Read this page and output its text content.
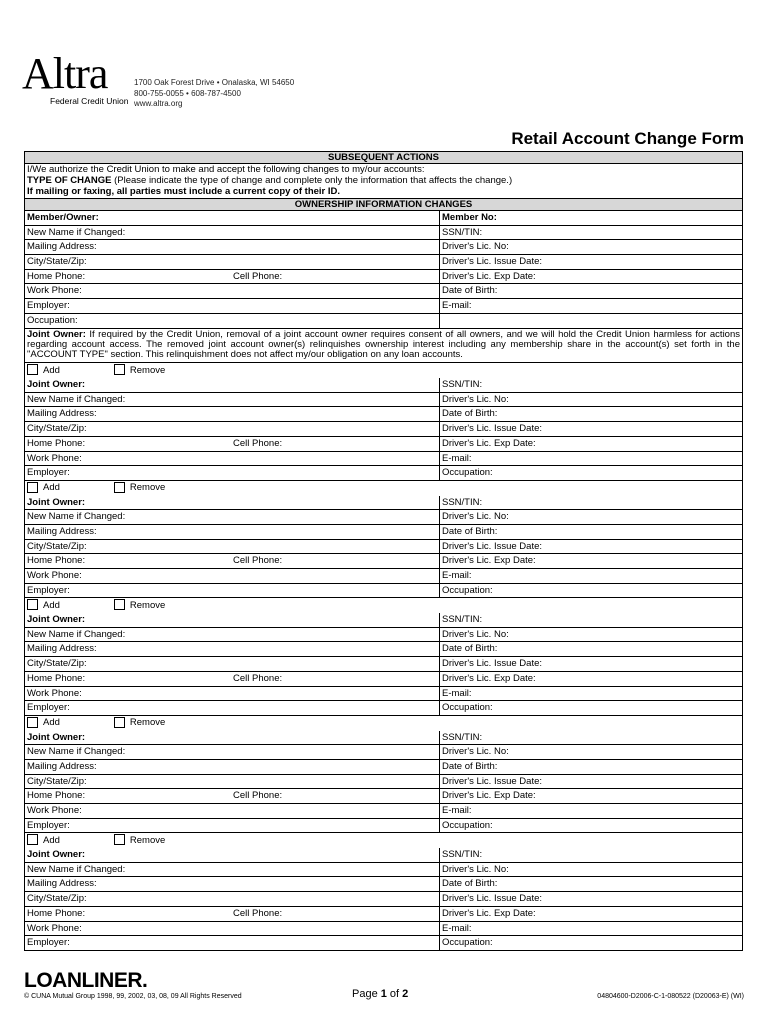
Altra
Federal Credit Union
1700 Oak Forest Drive • Onalaska, WI 54650
800-755-0055 • 608-787-4500
www.altra.org
Retail Account Change Form
SUBSEQUENT ACTIONS
I/We authorize the Credit Union to make and accept the following changes to my/our accounts:
TYPE OF CHANGE (Please indicate the type of change and complete only the information that affects the change.)
If mailing or faxing, all parties must include a current copy of their ID.
OWNERSHIP INFORMATION CHANGES
Member/Owner:	Member No:
New Name if Changed:	SSN/TIN:
Mailing Address:	Driver's Lic. No:
City/State/Zip:	Driver's Lic. Issue Date:
Home Phone:	Cell Phone:	Driver's Lic. Exp Date:
Work Phone:	Date of Birth:
Employer:	E-mail:
Occupation:
Joint Owner: If required by the Credit Union, removal of a joint account owner requires consent of all owners, and we will hold the Credit Union harmless for actions regarding account access. The removed joint account owner(s) relinquishes ownership interest including any membership share in the account(s) set forth in the "ACCOUNT TYPE" section. This relinquishment does not affect my/our obligation on any loan accounts.
Add	Remove
Joint Owner:	SSN/TIN:
New Name if Changed:	Driver's Lic. No:
Mailing Address:	Date of Birth:
City/State/Zip:	Driver's Lic. Issue Date:
Home Phone:	Cell Phone:	Driver's Lic. Exp Date:
Work Phone:	E-mail:
Employer:	Occupation:
Add	Remove
Joint Owner:	SSN/TIN:
New Name if Changed:	Driver's Lic. No:
Mailing Address:	Date of Birth:
City/State/Zip:	Driver's Lic. Issue Date:
Home Phone:	Cell Phone:	Driver's Lic. Exp Date:
Work Phone:	E-mail:
Employer:	Occupation:
Add	Remove
Joint Owner:	SSN/TIN:
New Name if Changed:	Driver's Lic. No:
Mailing Address:	Date of Birth:
City/State/Zip:	Driver's Lic. Issue Date:
Home Phone:	Cell Phone:	Driver's Lic. Exp Date:
Work Phone:	E-mail:
Employer:	Occupation:
Add	Remove
Joint Owner:	SSN/TIN:
New Name if Changed:	Driver's Lic. No:
Mailing Address:	Date of Birth:
City/State/Zip:	Driver's Lic. Issue Date:
Home Phone:	Cell Phone:	Driver's Lic. Exp Date:
Work Phone:	E-mail:
Employer:	Occupation:
Add	Remove
Joint Owner:	SSN/TIN:
New Name if Changed:	Driver's Lic. No:
Mailing Address:	Date of Birth:
City/State/Zip:	Driver's Lic. Issue Date:
Home Phone:	Cell Phone:	Driver's Lic. Exp Date:
Work Phone:	E-mail:
Employer:	Occupation:
LOANLINER.
© CUNA Mutual Group 1998, 99, 2002, 03, 08, 09 All Rights Reserved	Page 1 of 2	04804600-D2006-C-1-080522 (D20063-E) (WI)
